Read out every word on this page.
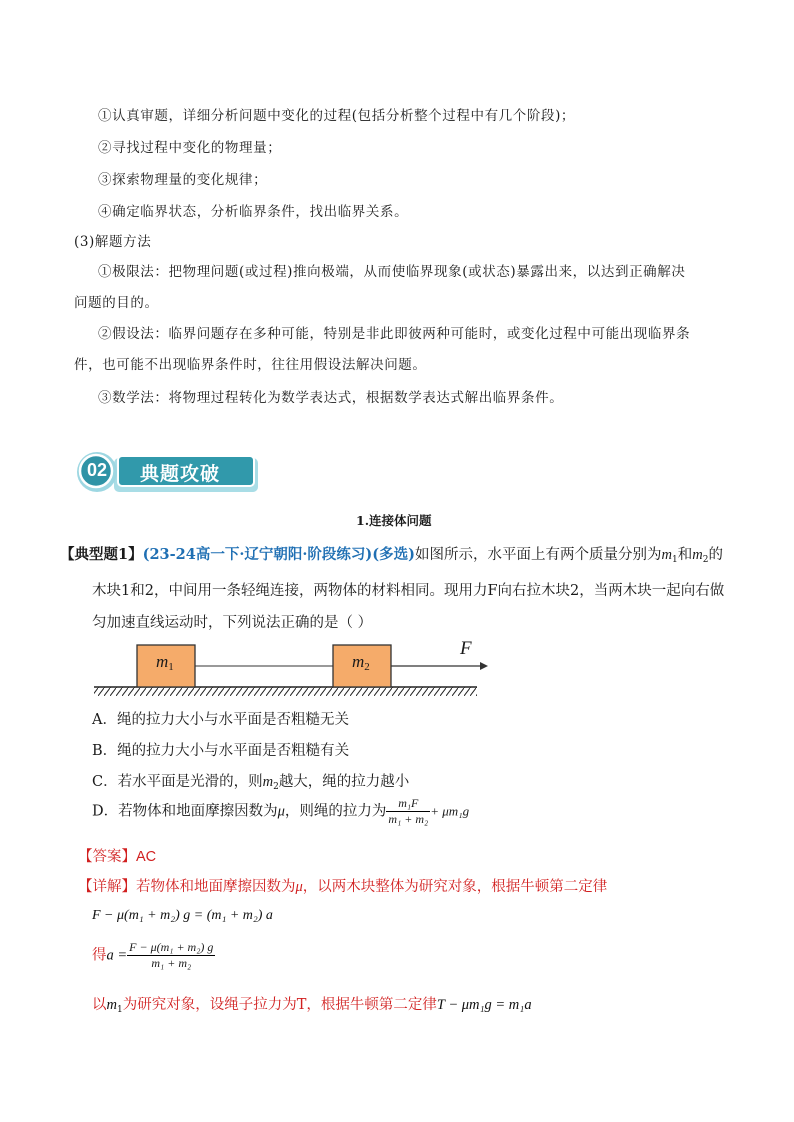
①认真审题，详细分析问题中变化的过程(包括分析整个过程中有几个阶段)；
②寻找过程中变化的物理量；
③探索物理量的变化规律；
④确定临界状态，分析临界条件，找出临界关系。
(3)解题方法
①极限法：把物理问题(或过程)推向极端，从而使临界现象(或状态)暴露出来，以达到正确解决
问题的目的。
②假设法：临界问题存在多种可能，特别是非此即彼两种可能时，或变化过程中可能出现临界条
件，也可能不出现临界条件时，往往用假设法解决问题。
③数学法：将物理过程转化为数学表达式，根据数学表达式解出临界条件。
02 典题攻破
1.连接体问题
【典型题1】(23-24高一下·辽宁朝阳·阶段练习)(多选)如图所示，水平面上有两个质量分别为$m_1$和$m_2$的
木块1和2，中间用一条轻绳连接，两物体的材料相同。现用力F向右拉木块2，当两木块一起向右做
匀加速直线运动时，下列说法正确的是（ ）
$m_1$	$m_2$
F
A．绳的拉力大小与水平面是否粗糙无关
B．绳的拉力大小与水平面是否粗糙有关
C．若水平面是光滑的，则$m_2$越大，绳的拉力越小
D．若物体和地面摩擦因数为μ，则绳的拉力为 $\frac{\text{m₁F}}{\text{m₁ + m₂}} + \mu m_1g$
【答案】AC
【详解】若物体和地面摩擦因数为μ，以两木块整体为研究对象，根据牛顿第二定律
F − μ(m₁ + m₂) g = (m₁ + m₂) a
得$a = \frac{\text{F − μ(m₁ + m₂) g}}{\text{m₁ + m₂}}$
以$m_1$为研究对象，设绳子拉力为T，根据牛顿第二定律T − μm₁g = m₁a
